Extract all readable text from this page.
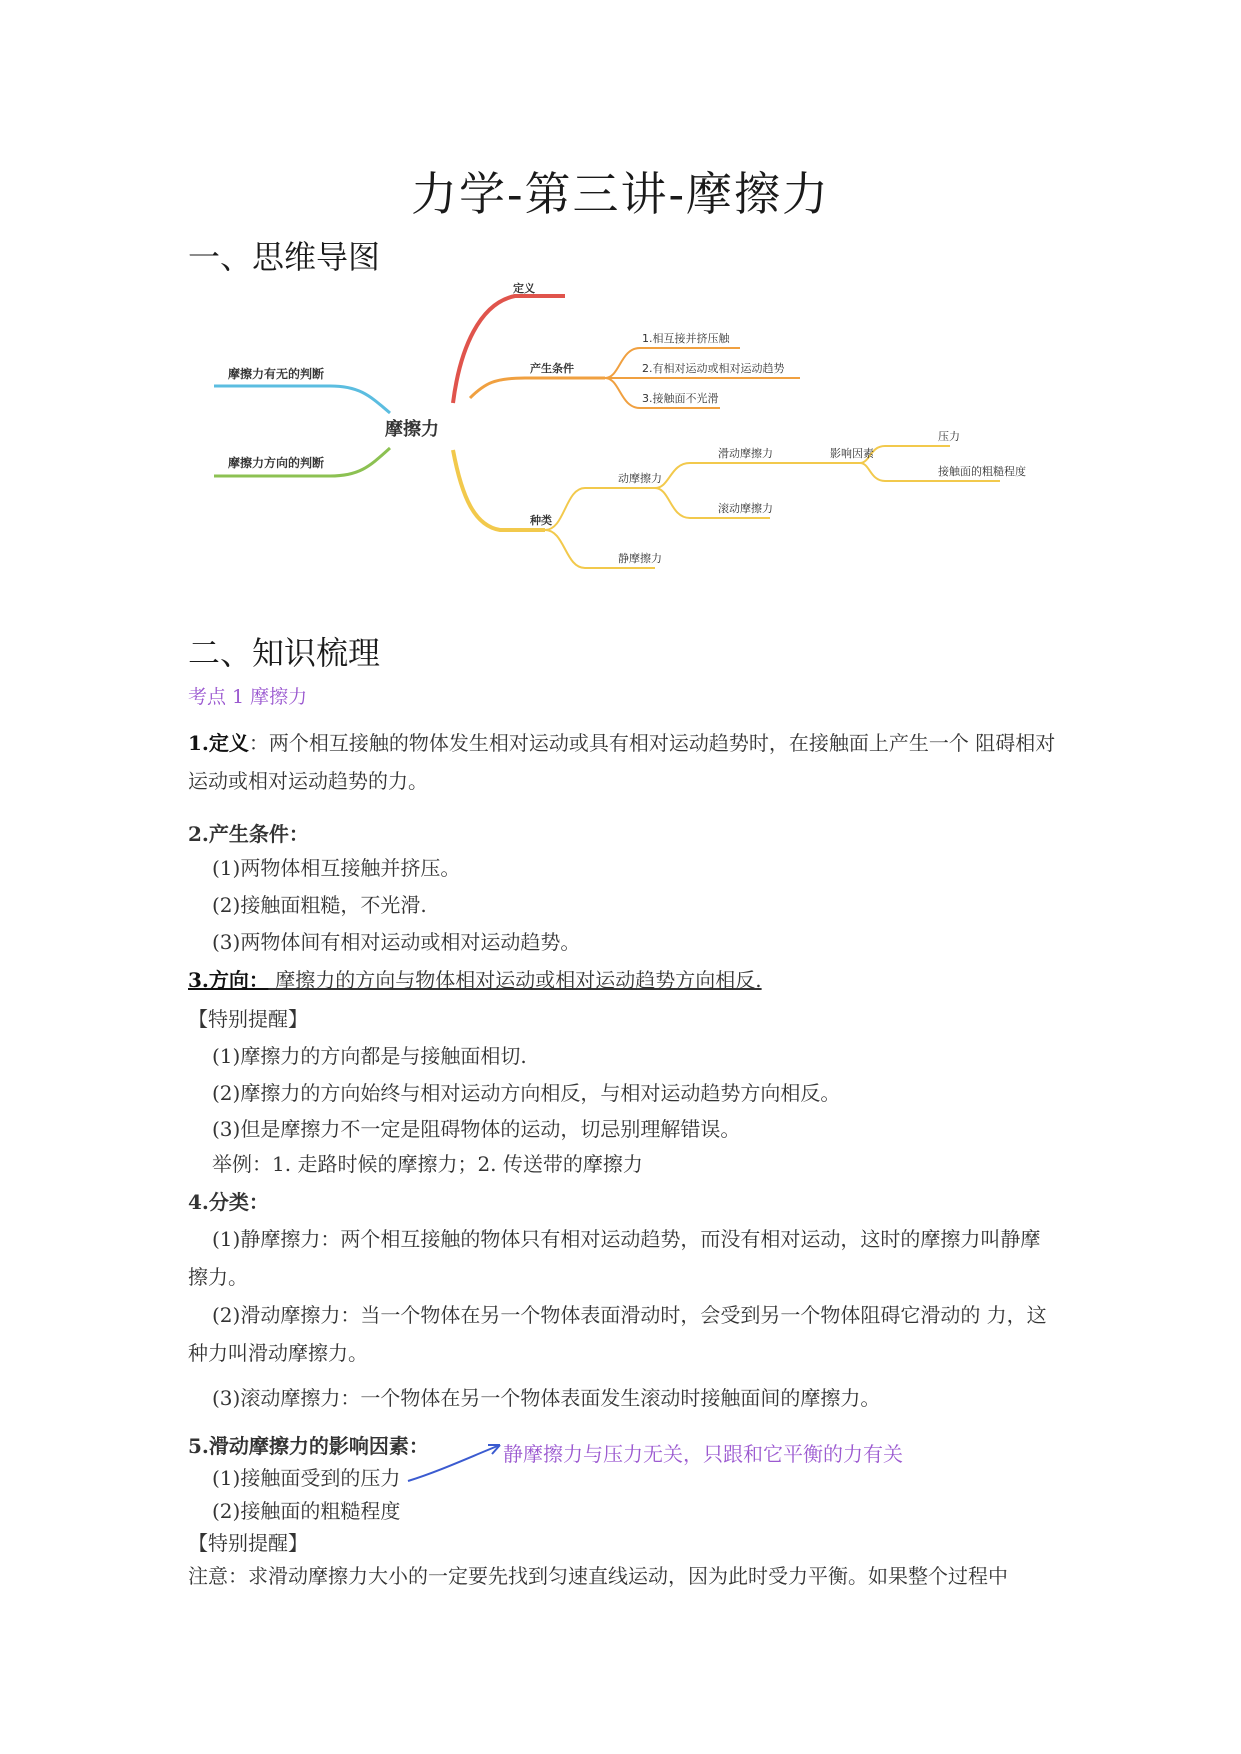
力学-第三讲-摩擦力
一、思维导图
摩擦力有无的判断
摩擦力方向的判断
摩擦力
定义
产生条件
1.相互接并挤压触
2.有相对运动或相对运动趋势
3.接触面不光滑
种类
动摩擦力
静摩擦力
滑动摩擦力
滚动摩擦力
影响因素
压力
接触面的粗糙程度
二、知识梳理
考点 1 摩擦力
1.定义：两个相互接触的物体发生相对运动或具有相对运动趋势时，在接触面上产生一个 阻碍相对运动或相对运动趋势的力。
2.产生条件：
(1)两物体相互接触并挤压。
(2)接触面粗糙，不光滑.
(3)两物体间有相对运动或相对运动趋势。
3.方向： 摩擦力的方向与物体相对运动或相对运动趋势方向相反.
【特别提醒】
(1)摩擦力的方向都是与接触面相切.
(2)摩擦力的方向始终与相对运动方向相反，与相对运动趋势方向相反。
(3)但是摩擦力不一定是阻碍物体的运动，切忌别理解错误。
举例：1. 走路时候的摩擦力；2. 传送带的摩擦力
4.分类：
(1)静摩擦力：两个相互接触的物体只有相对运动趋势，而没有相对运动，这时的摩擦力叫静摩擦力。
(2)滑动摩擦力：当一个物体在另一个物体表面滑动时，会受到另一个物体阻碍它滑动的 力，这种力叫滑动摩擦力。
(3)滚动摩擦力：一个物体在另一个物体表面发生滚动时接触面间的摩擦力。
5.滑动摩擦力的影响因素：	静摩擦力与压力无关，只跟和它平衡的力有关
(1)接触面受到的压力
(2)接触面的粗糙程度
【特别提醒】
注意：求滑动摩擦力大小的一定要先找到匀速直线运动，因为此时受力平衡。如果整个过程中
